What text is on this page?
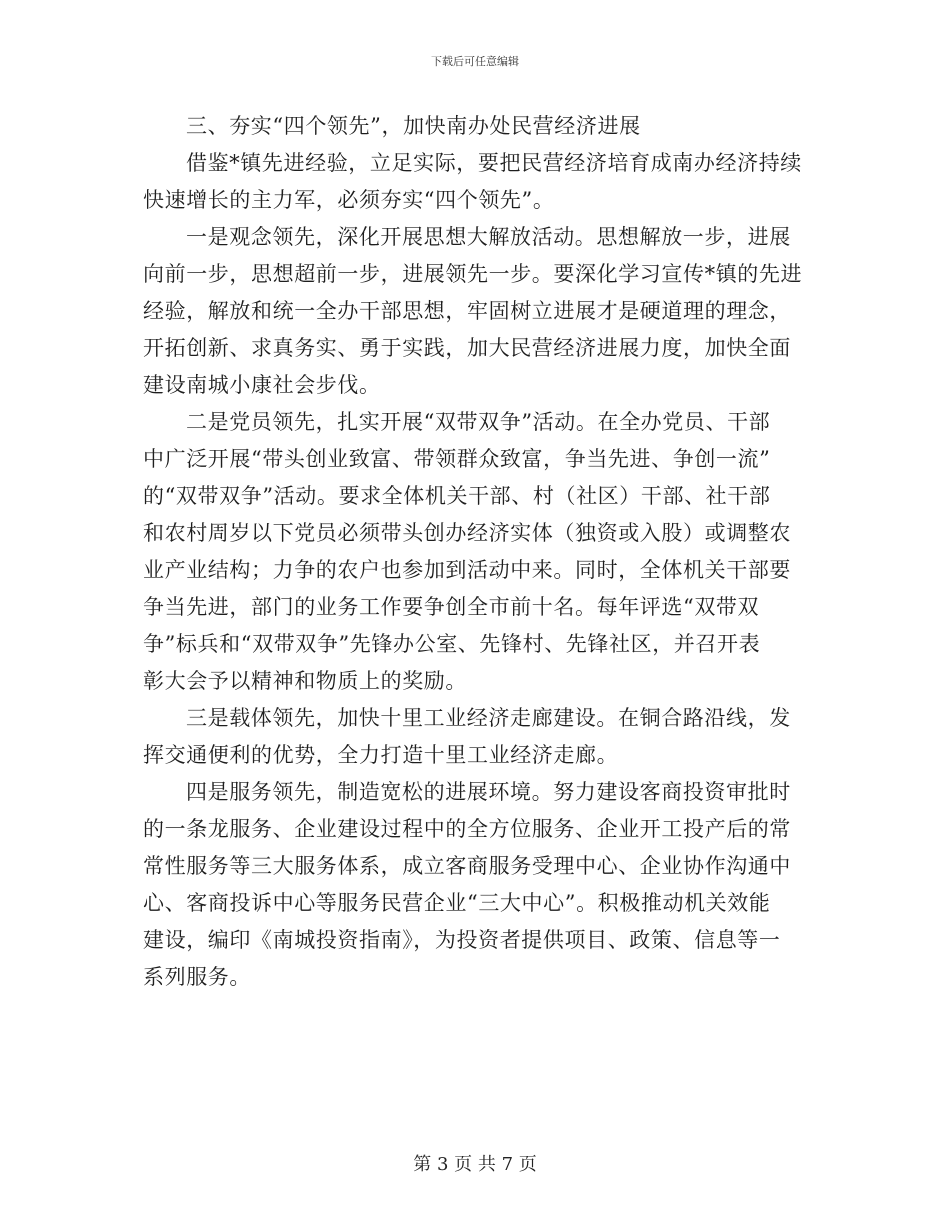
下载后可任意编辑
三、夯实“四个领先”，加快南办处民营经济进展
借鉴*镇先进经验，立足实际，要把民营经济培育成南办经济持续
快速增长的主力军，必须夯实“四个领先”。
一是观念领先，深化开展思想大解放活动。思想解放一步，进展
向前一步，思想超前一步，进展领先一步。要深化学习宣传*镇的先进
经验，解放和统一全办干部思想，牢固树立进展才是硬道理的理念，
开拓创新、求真务实、勇于实践，加大民营经济进展力度，加快全面
建设南城小康社会步伐。
二是党员领先，扎实开展“双带双争”活动。在全办党员、干部
中广泛开展“带头创业致富、带领群众致富，争当先进、争创一流”
的“双带双争”活动。要求全体机关干部、村（社区）干部、社干部
和农村周岁以下党员必须带头创办经济实体（独资或入股）或调整农
业产业结构；力争的农户也参加到活动中来。同时，全体机关干部要
争当先进，部门的业务工作要争创全市前十名。每年评选“双带双
争”标兵和“双带双争”先锋办公室、先锋村、先锋社区，并召开表
彰大会予以精神和物质上的奖励。
三是载体领先，加快十里工业经济走廊建设。在铜合路沿线，发
挥交通便利的优势，全力打造十里工业经济走廊。
四是服务领先，制造宽松的进展环境。努力建设客商投资审批时
的一条龙服务、企业建设过程中的全方位服务、企业开工投产后的常
常性服务等三大服务体系，成立客商服务受理中心、企业协作沟通中
心、客商投诉中心等服务民营企业“三大中心”。积极推动机关效能
建设，编印《南城投资指南》，为投资者提供项目、政策、信息等一
系列服务。
第 3 页 共 7 页
